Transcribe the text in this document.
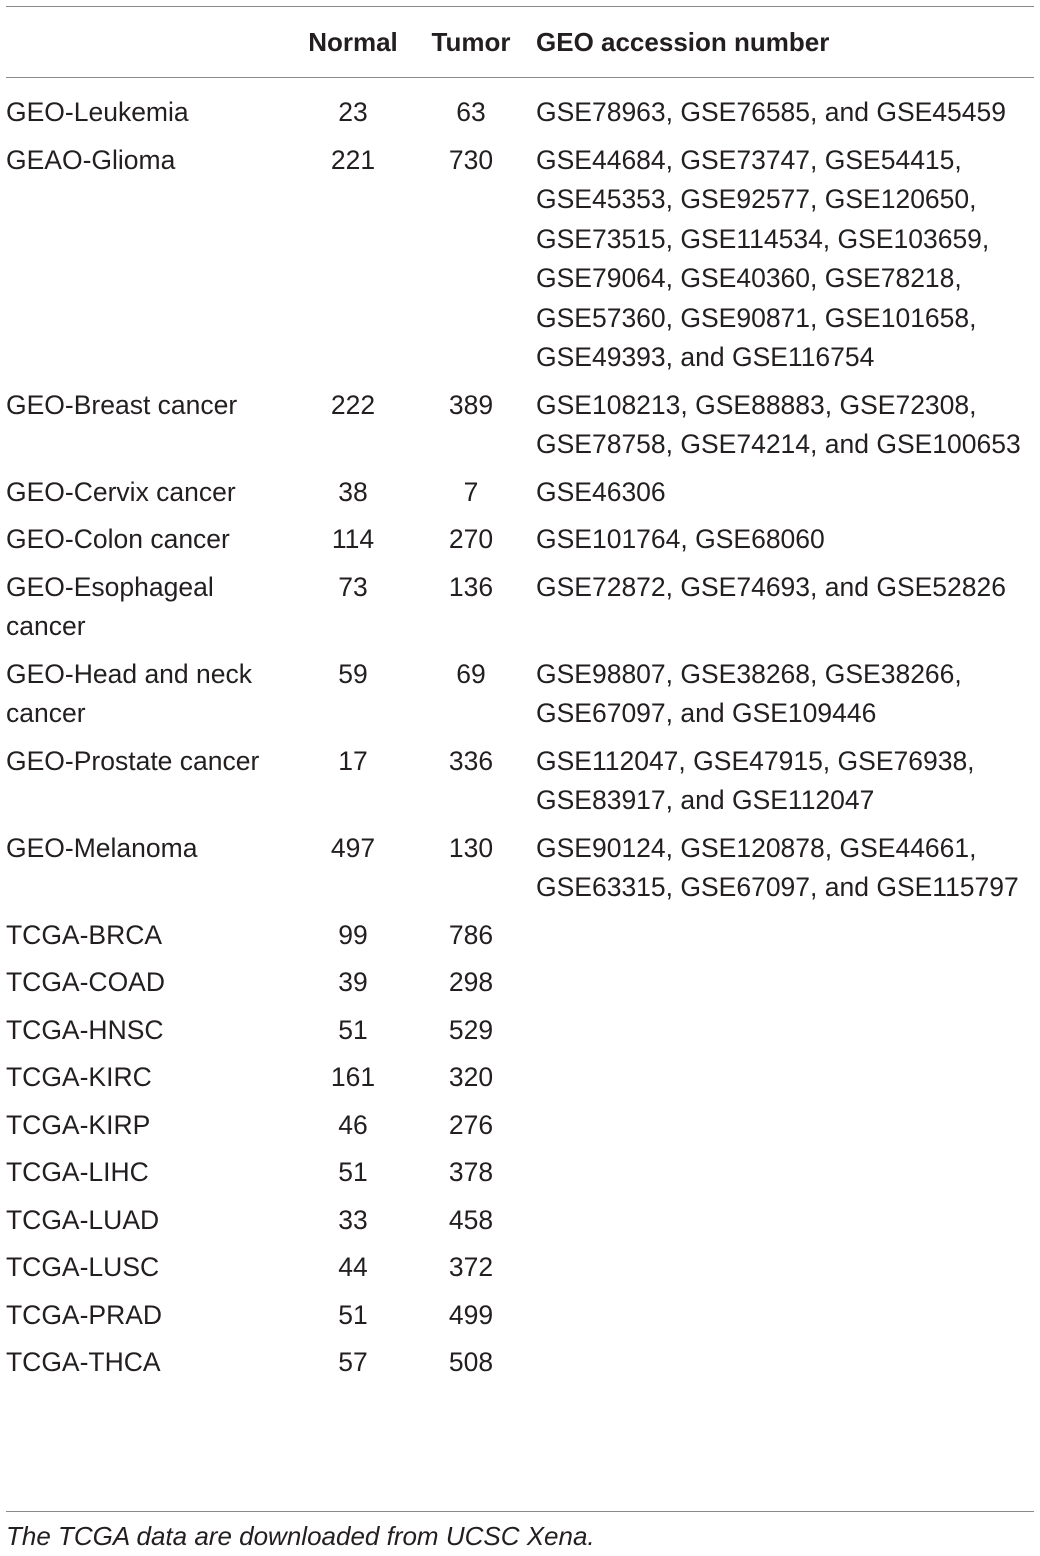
	Normal	Tumor	GEO accession number

GEO-Leukemia	23	63	GSE78963, GSE76585, and GSE45459
GEAO-Glioma	221	730	GSE44684, GSE73747, GSE54415, GSE45353, GSE92577, GSE120650, GSE73515, GSE114534, GSE103659, GSE79064, GSE40360, GSE78218, GSE57360, GSE90871, GSE101658, GSE49393, and GSE116754
GEO-Breast cancer	222	389	GSE108213, GSE88883, GSE72308, GSE78758, GSE74214, and GSE100653
GEO-Cervix cancer	38	7	GSE46306
GEO-Colon cancer	114	270	GSE101764, GSE68060
GEO-Esophageal cancer	73	136	GSE72872, GSE74693, and GSE52826
GEO-Head and neck cancer	59	69	GSE98807, GSE38268, GSE38266, GSE67097, and GSE109446
GEO-Prostate cancer	17	336	GSE112047, GSE47915, GSE76938, GSE83917, and GSE112047
GEO-Melanoma	497	130	GSE90124, GSE120878, GSE44661, GSE63315, GSE67097, and GSE115797
TCGA-BRCA	99	786	
TCGA-COAD	39	298	
TCGA-HNSC	51	529	
TCGA-KIRC	161	320	
TCGA-KIRP	46	276	
TCGA-LIHC	51	378	
TCGA-LUAD	33	458	
TCGA-LUSC	44	372	
TCGA-PRAD	51	499	
TCGA-THCA	57	508	
The TCGA data are downloaded from UCSC Xena.
